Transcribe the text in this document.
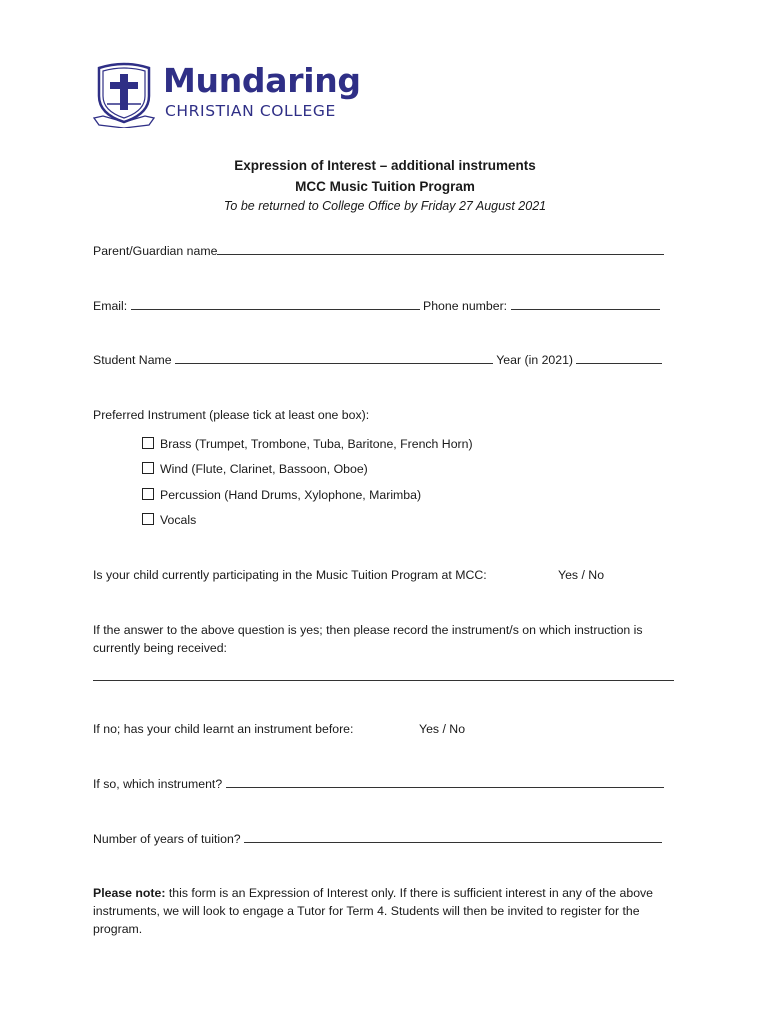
Mundaring
CHRISTIAN COLLEGE
Expression of Interest – additional instruments
MCC Music Tuition Program
To be returned to College Office by Friday 27 August 2021
Parent/Guardian name
Email:	Phone number:
Student Name	Year (in 2021)
Preferred Instrument (please tick at least one box):
Brass (Trumpet, Trombone, Tuba, Baritone, French Horn)
Wind (Flute, Clarinet, Bassoon, Oboe)
Percussion (Hand Drums, Xylophone, Marimba)
Vocals
Is your child currently participating in the Music Tuition Program at MCC:	Yes / No
If the answer to the above question is yes; then please record the instrument/s on which instruction is currently being received:
If no; has your child learnt an instrument before:	Yes / No
If so, which instrument?
Number of years of tuition?
Please note: this form is an Expression of Interest only. If there is sufficient interest in any of the above instruments, we will look to engage a Tutor for Term 4. Students will then be invited to register for the program.
